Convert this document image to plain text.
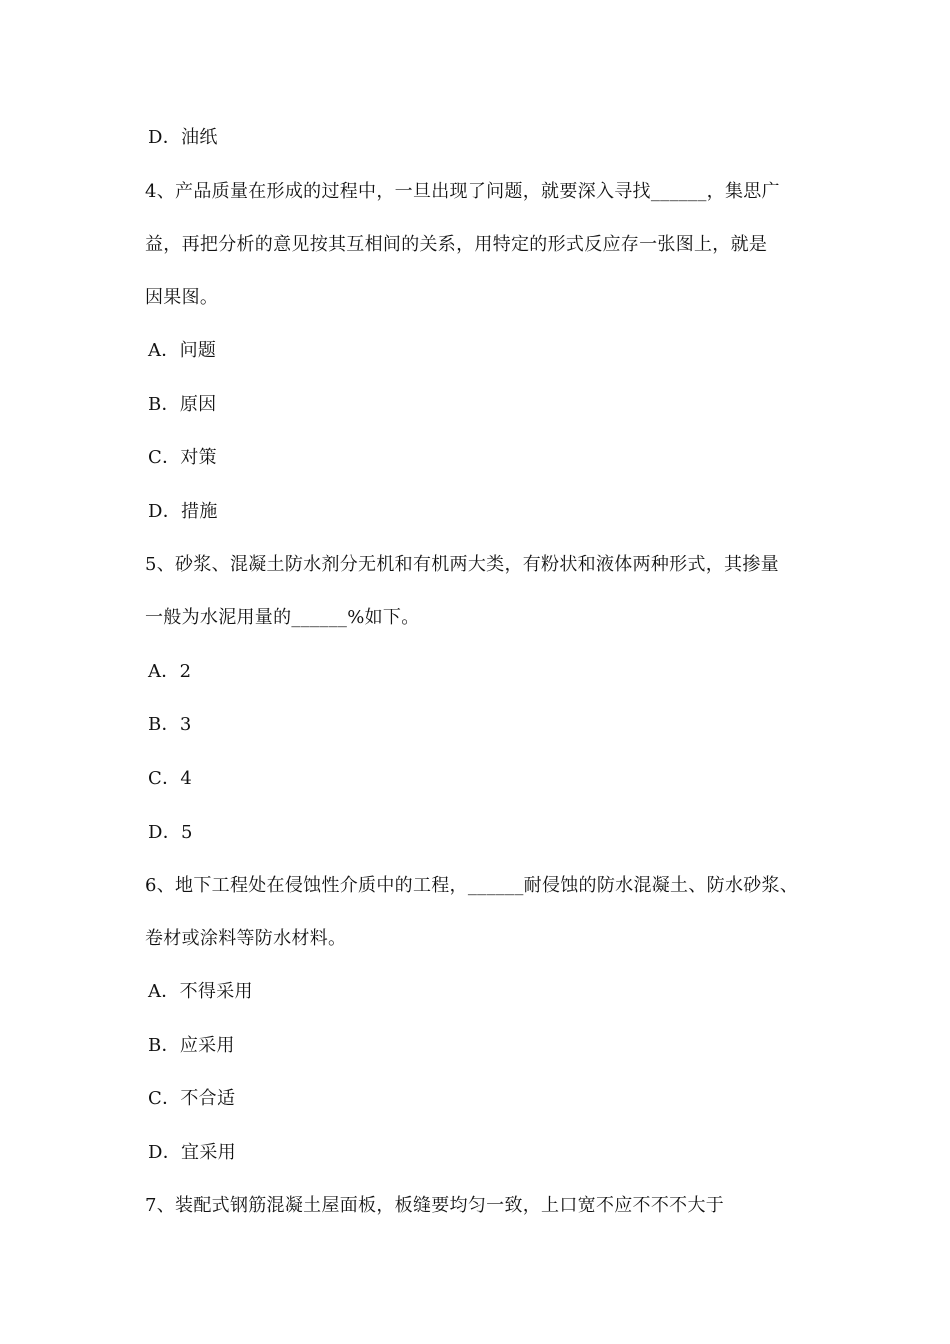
D．油纸
4、产品质量在形成的过程中，一旦出现了问题，就要深入寻找______，集思广
益，再把分析的意见按其互相间的关系，用特定的形式反应存一张图上，就是
因果图。
A．问题
B．原因
C．对策
D．措施
5、砂浆、混凝土防水剂分无机和有机两大类，有粉状和液体两种形式，其掺量
一般为水泥用量的______%如下。
A．2
B．3
C．4
D．5
6、地下工程处在侵蚀性介质中的工程，______耐侵蚀的防水混凝土、防水砂浆、
卷材或涂料等防水材料。
A．不得采用
B．应采用
C．不合适
D．宜采用
7、装配式钢筋混凝土屋面板，板缝要均匀一致，上口宽不应不不不大于
